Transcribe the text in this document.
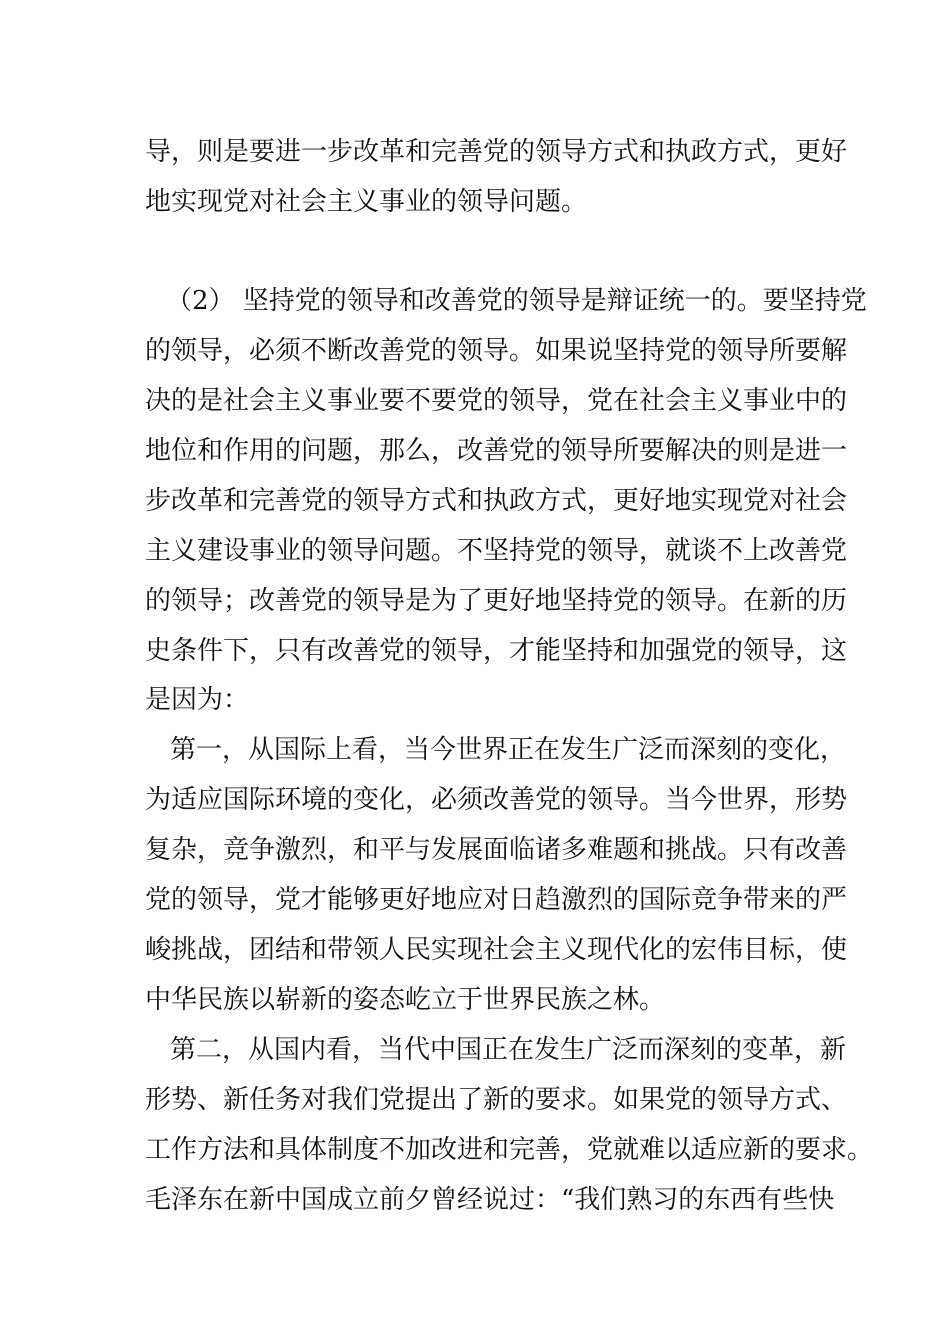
导，则是要进一步改革和完善党的领导方式和执政方式，更好
地实现党对社会主义事业的领导问题。
（2） 坚持党的领导和改善党的领导是辩证统一的。要坚持党
的领导，必须不断改善党的领导。如果说坚持党的领导所要解
决的是社会主义事业要不要党的领导，党在社会主义事业中的
地位和作用的问题，那么，改善党的领导所要解决的则是进一
步改革和完善党的领导方式和执政方式，更好地实现党对社会
主义建设事业的领导问题。不坚持党的领导，就谈不上改善党
的领导；改善党的领导是为了更好地坚持党的领导。在新的历
史条件下，只有改善党的领导，才能坚持和加强党的领导，这
是因为：
第一，从国际上看，当今世界正在发生广泛而深刻的变化，
为适应国际环境的变化，必须改善党的领导。当今世界，形势
复杂，竞争激烈，和平与发展面临诸多难题和挑战。只有改善
党的领导，党才能够更好地应对日趋激烈的国际竞争带来的严
峻挑战，团结和带领人民实现社会主义现代化的宏伟目标，使
中华民族以崭新的姿态屹立于世界民族之林。
第二，从国内看，当代中国正在发生广泛而深刻的变革，新
形势、新任务对我们党提出了新的要求。如果党的领导方式、
工作方法和具体制度不加改进和完善，党就难以适应新的要求。
毛泽东在新中国成立前夕曾经说过：“我们熟习的东西有些快
